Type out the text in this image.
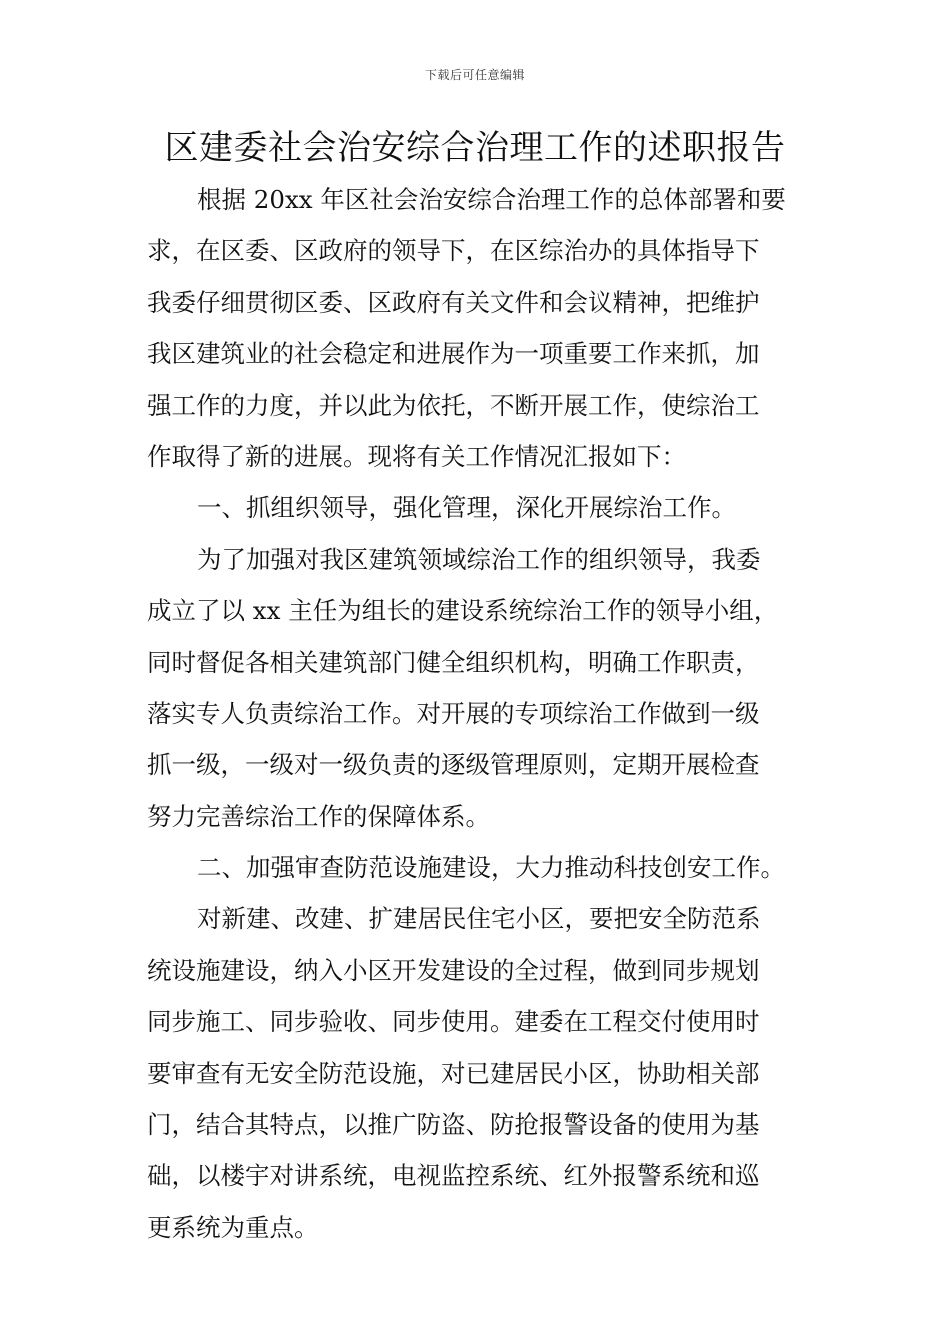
下载后可任意编辑
区建委社会治安综合治理工作的述职报告
根据 20xx 年区社会治安综合治理工作的总体部署和要
求，在区委、区政府的领导下，在区综治办的具体指导下
我委仔细贯彻区委、区政府有关文件和会议精神，把维护
我区建筑业的社会稳定和进展作为一项重要工作来抓，加
强工作的力度，并以此为依托，不断开展工作，使综治工
作取得了新的进展。现将有关工作情况汇报如下：
一、抓组织领导，强化管理，深化开展综治工作。
为了加强对我区建筑领域综治工作的组织领导，我委
成立了以 xx 主任为组长的建设系统综治工作的领导小组，
同时督促各相关建筑部门健全组织机构，明确工作职责，
落实专人负责综治工作。对开展的专项综治工作做到一级
抓一级，一级对一级负责的逐级管理原则，定期开展检查
努力完善综治工作的保障体系。
二、加强审查防范设施建设，大力推动科技创安工作。
对新建、改建、扩建居民住宅小区，要把安全防范系
统设施建设，纳入小区开发建设的全过程，做到同步规划
同步施工、同步验收、同步使用。建委在工程交付使用时
要审查有无安全防范设施，对已建居民小区，协助相关部
门，结合其特点，以推广防盗、防抢报警设备的使用为基
础，以楼宇对讲系统，电视监控系统、红外报警系统和巡
更系统为重点。
